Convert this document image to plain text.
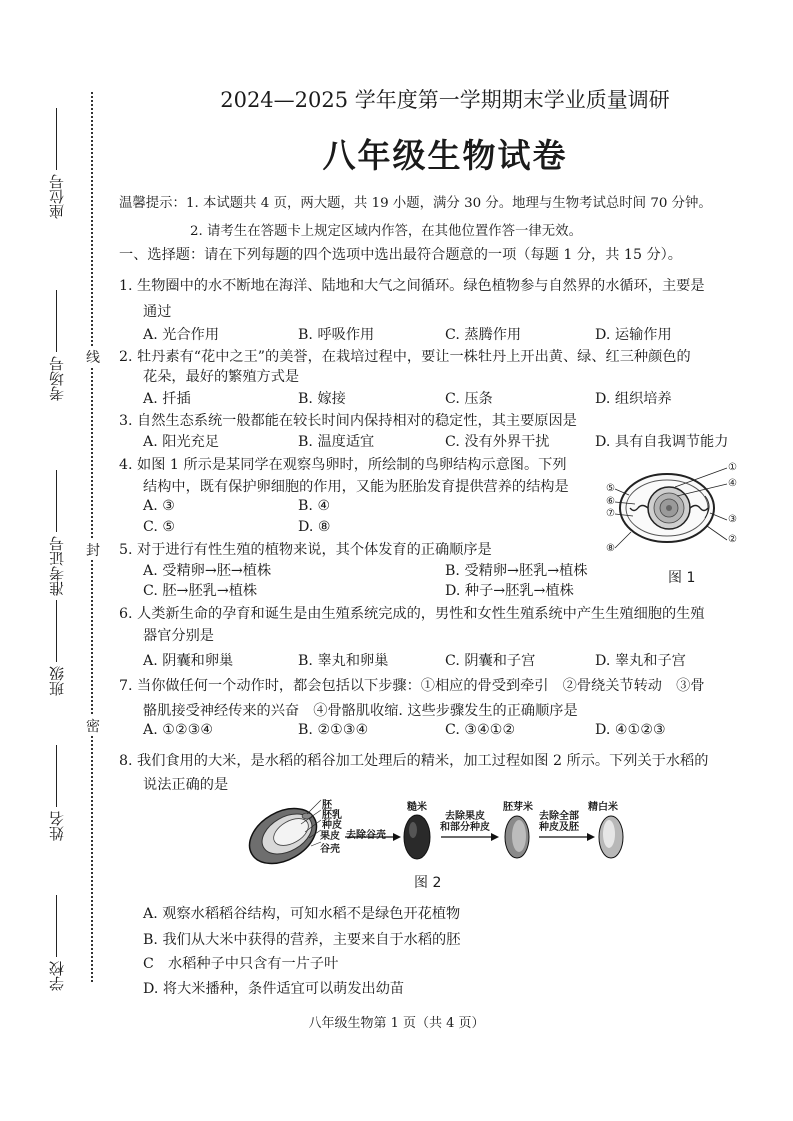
座位号
考场号
准考证号
班级
姓名
学校
线
封
密
2024—2025 学年度第一学期期末学业质量调研
八年级生物试卷
温馨提示：1. 本试题共 4 页，两大题，共 19 小题，满分 30 分。地理与生物考试总时间 70 分钟。
2. 请考生在答题卡上规定区域内作答，在其他位置作答一律无效。
一、选择题：请在下列每题的四个选项中选出最符合题意的一项（每题 1 分，共 15 分）。
1. 生物圈中的水不断地在海洋、陆地和大气之间循环。绿色植物参与自然界的水循环，主要是
通过
A. 光合作用	B. 呼吸作用	C. 蒸腾作用	D. 运输作用
2. 牡丹素有“花中之王”的美誉，在栽培过程中，要让一株牡丹上开出黄、绿、红三种颜色的
花朵，最好的繁殖方式是
A. 扦插	B. 嫁接	C. 压条	D. 组织培养
3. 自然生态系统一般都能在较长时间内保持相对的稳定性，其主要原因是
A. 阳光充足	B. 温度适宜	C. 没有外界干扰	D. 具有自我调节能力
4. 如图 1 所示是某同学在观察鸟卵时，所绘制的鸟卵结构示意图。下列
结构中，既有保护卵细胞的作用，又能为胚胎发育提供营养的结构是
A. ③	B. ④
C. ⑤	D. ⑧
①
④
⑤
⑥
⑦
③
②
⑧
图 1
5. 对于进行有性生殖的植物来说，其个体发育的正确顺序是
A. 受精卵→胚→植株	B. 受精卵→胚乳→植株
C. 胚→胚乳→植株	D. 种子→胚乳→植株
6. 人类新生命的孕育和诞生是由生殖系统完成的，男性和女性生殖系统中产生生殖细胞的生殖
器官分别是
A. 阴囊和卵巢	B. 睾丸和卵巢	C. 阴囊和子宫	D. 睾丸和子宫
7. 当你做任何一个动作时，都会包括以下步骤：①相应的骨受到牵引　②骨绕关节转动　③骨
骼肌接受神经传来的兴奋　④骨骼肌收缩. 这些步骤发生的正确顺序是
A. ①②③④	B. ②①③④	C. ③④①②	D. ④①②③
8. 我们食用的大米，是水稻的稻谷加工处理后的精米，加工过程如图 2 所示。下列关于水稻的
说法正确的是
胚
胚乳
种皮
果皮
谷壳
去除谷壳
糙米
去除果皮
和部分种皮
胚芽米
去除全部
种皮及胚
精白米
图 2
A. 观察水稻稻谷结构，可知水稻不是绿色开花植物
B. 我们从大米中获得的营养，主要来自于水稻的胚
C　水稻种子中只含有一片子叶
D. 将大米播种，条件适宜可以萌发出幼苗
八年级生物第 1 页（共 4 页）
